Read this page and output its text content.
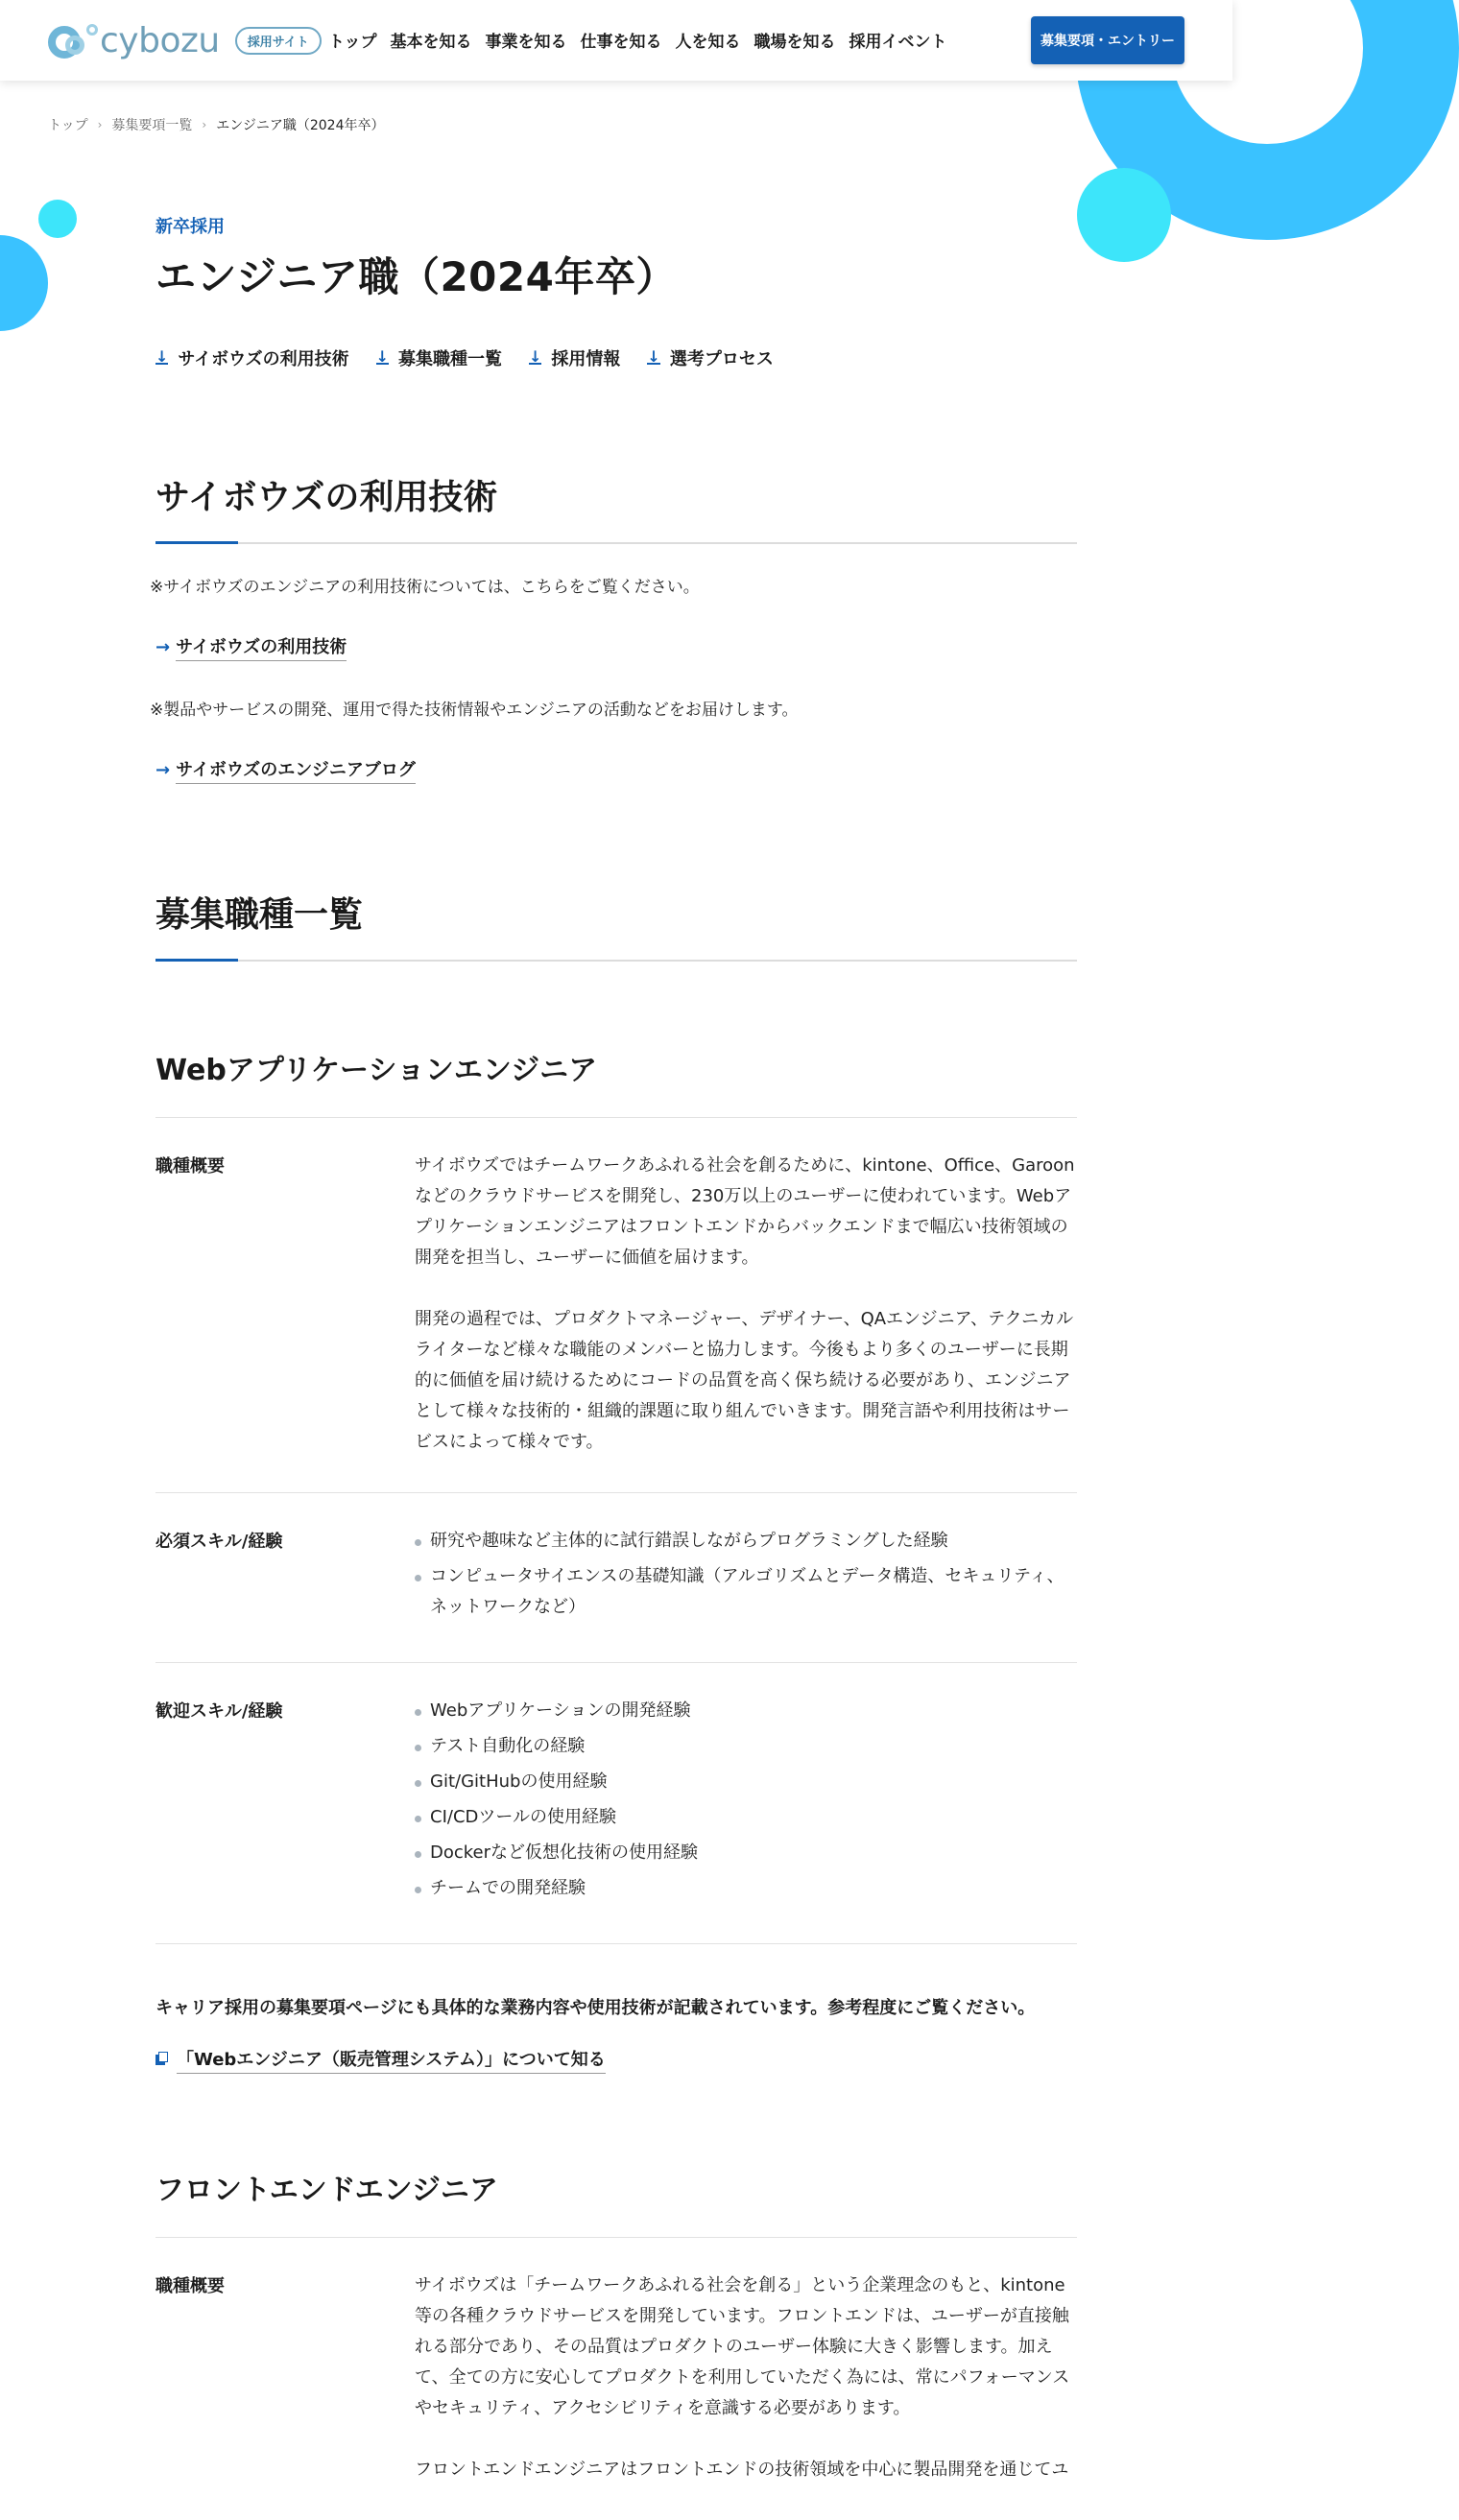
cybozu	採用サイト	トップ 基本を知る 事業を知る 仕事を知る 人を知る 職場を知る 採用イベント	募集要項・エントリー
トップ › 募集要項一覧 › エンジニア職（2024年卒）
新卒採用
エンジニア職（2024年卒）
↓ サイボウズの利用技術 ↓ 募集職種一覧 ↓ 採用情報 ↓ 選考プロセス
サイボウズの利用技術

※サイボウズのエンジニアの利用技術については、こちらをご覧ください。

→ サイボウズの利用技術

※製品やサービスの開発、運用で得た技術情報やエンジニアの活動などをお届けします。

→ サイボウズのエンジニアブログ
募集職種一覧
Webアプリケーションエンジニア
職種概要	サイボウズではチームワークあふれる社会を創るために、kintone、Office、Garoonなどのクラウドサービスを開発し、230万以上のユーザーに使われています。Webアプリケーションエンジニアはフロントエンドからバックエンドまで幅広い技術領域の開発を担当し、ユーザーに価値を届けます。

開発の過程では、プロダクトマネージャー、デザイナー、QAエンジニア、テクニカルライターなど様々な職能のメンバーと協力します。今後もより多くのユーザーに長期的に価値を届け続けるためにコードの品質を高く保ち続ける必要があり、エンジニアとして様々な技術的・組織的課題に取り組んでいきます。開発言語や利用技術はサービスによって様々です。

必須スキル/経験	研究や趣味など主体的に試行錯誤しながらプログラミングした経験
コンピュータサイエンスの基礎知識（アルゴリズムとデータ構造、セキュリティ、ネットワークなど）
歓迎スキル/経験	Webアプリケーションの開発経験
テスト自動化の経験
Git/GitHubの使用経験
CI/CDツールの使用経験
Dockerなど仮想化技術の使用経験
チームでの開発経験

キャリア採用の募集要項ページにも具体的な業務内容や使用技術が記載されています。参考程度にご覧ください。

「Webエンジニア（販売管理システム）」について知る
フロントエンドエンジニア
職種概要	サイボウズは「チームワークあふれる社会を創る」という企業理念のもと、kintone等の各種クラウドサービスを開発しています。フロントエンドは、ユーザーが直接触れる部分であり、その品質はプロダクトのユーザー体験に大きく影響します。加えて、全ての方に安心してプロダクトを利用していただく為には、常にパフォーマンスやセキュリティ、アクセシビリティを意識する必要があります。

フロントエンドエンジニアはフロントエンドの技術領域を中心に製品開発を通じてユ
